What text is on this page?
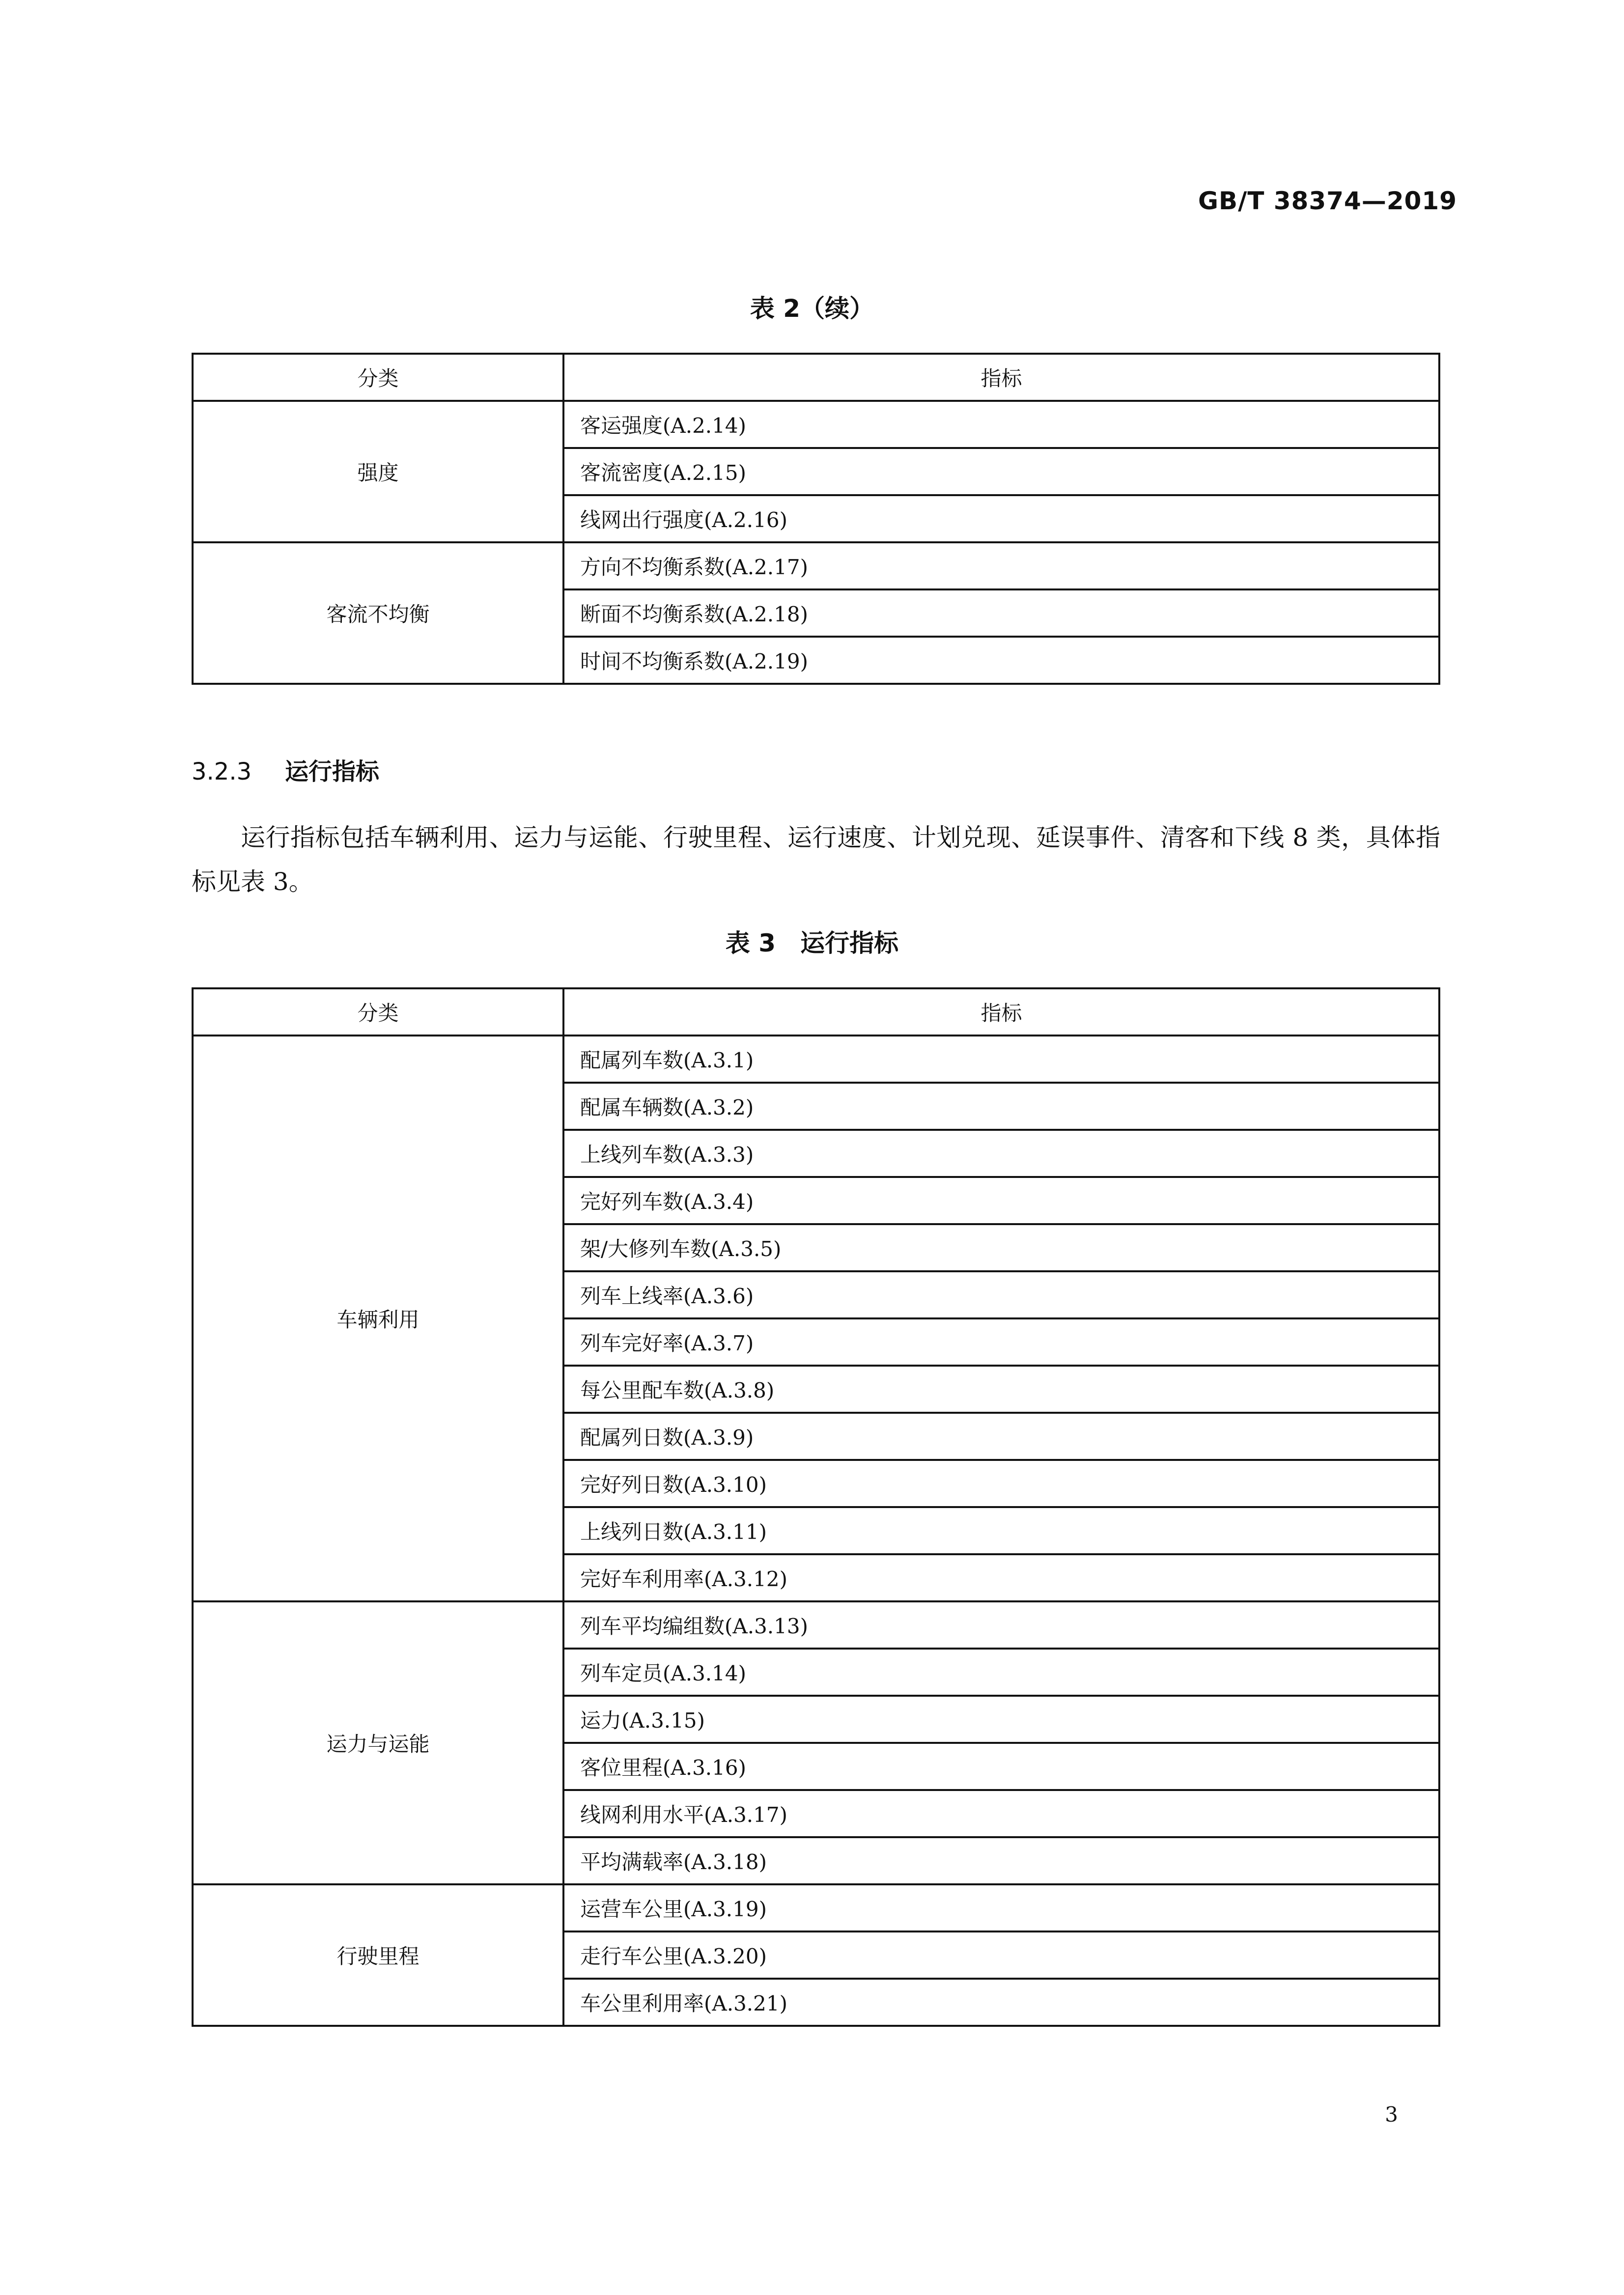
GB/T 38374—2019
表 2（续）
分类	指标
强度	客运强度(A.2.14)
	客流密度(A.2.15)
	线网出行强度(A.2.16)
客流不均衡	方向不均衡系数(A.2.17)
	断面不均衡系数(A.2.18)
	时间不均衡系数(A.2.19)
3.2.3 运行指标
运行指标包括车辆利用、运力与运能、行驶里程、运行速度、计划兑现、延误事件、清客和下线 8 类，具体指标见表 3。
表 3　运行指标
分类	指标
车辆利用	配属列车数(A.3.1)
	配属车辆数(A.3.2)
	上线列车数(A.3.3)
	完好列车数(A.3.4)
	架/大修列车数(A.3.5)
	列车上线率(A.3.6)
	列车完好率(A.3.7)
	每公里配车数(A.3.8)
	配属列日数(A.3.9)
	完好列日数(A.3.10)
	上线列日数(A.3.11)
	完好车利用率(A.3.12)
运力与运能	列车平均编组数(A.3.13)
	列车定员(A.3.14)
	运力(A.3.15)
	客位里程(A.3.16)
	线网利用水平(A.3.17)
	平均满载率(A.3.18)
行驶里程	运营车公里(A.3.19)
	走行车公里(A.3.20)
	车公里利用率(A.3.21)
3
